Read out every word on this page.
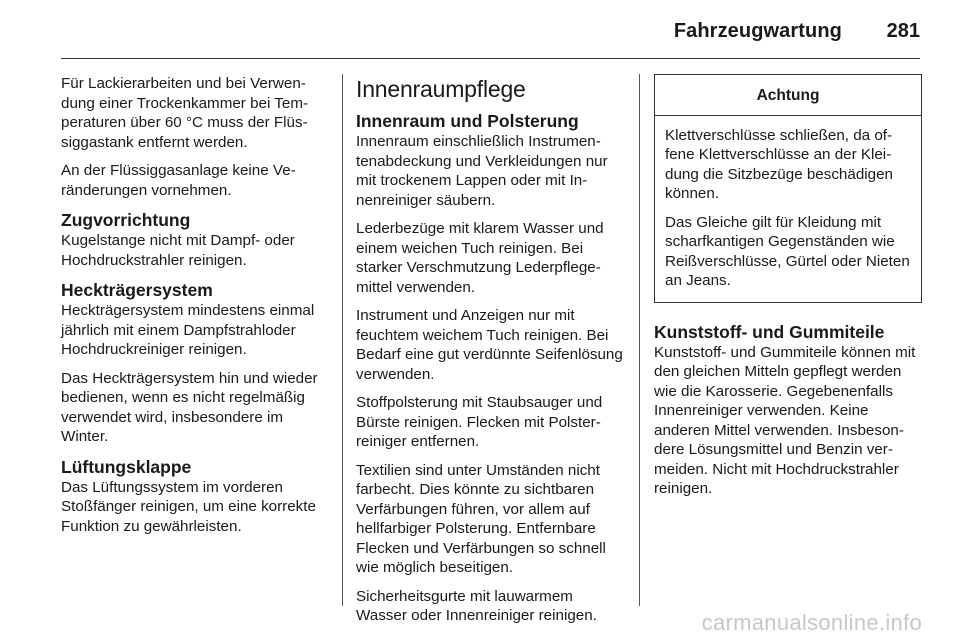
Fahrzeugwartung 281

Für Lackierarbeiten und bei Verwendung einer Trockenkammer bei Temperaturen über 60 °C muss der Flüssiggastank entfernt werden.

An der Flüssiggasanlage keine Veränderungen vornehmen.

Zugvorrichtung

Kugelstange nicht mit Dampf- oder Hochdruckstrahler reinigen.

Heckträgersystem

Heckträgersystem mindestens einmal jährlich mit einem Dampfstrahloder Hochdruckreiniger reinigen.

Das Heckträgersystem hin und wieder bedienen, wenn es nicht regelmäßig verwendet wird, insbesondere im Winter.

Lüftungsklappe

Das Lüftungssystem im vorderen Stoßfänger reinigen, um eine korrekte Funktion zu gewährleisten.

Innenraumpflege
Innenraum und Polsterung

Innenraum einschließlich Instrumentenabdeckung und Verkleidungen nur mit trockenem Lappen oder mit Innenreiniger säubern.

Lederbezüge mit klarem Wasser und einem weichen Tuch reinigen. Bei starker Verschmutzung Lederpflegemittel verwenden.

Instrument und Anzeigen nur mit feuchtem weichem Tuch reinigen. Bei Bedarf eine gut verdünnte Seifenlösung verwenden.

Stoffpolsterung mit Staubsauger und Bürste reinigen. Flecken mit Polsterreiniger entfernen.

Textilien sind unter Umständen nicht farbecht. Dies könnte zu sichtbaren Verfärbungen führen, vor allem auf hellfarbiger Polsterung. Entfernbare Flecken und Verfärbungen so schnell wie möglich beseitigen.

Sicherheitsgurte mit lauwarmem Wasser oder Innenreiniger reinigen.

Achtung

Klettverschlüsse schließen, da offene Klettverschlüsse an der Kleidung die Sitzbezüge beschädigen können.

Das Gleiche gilt für Kleidung mit scharfkantigen Gegenständen wie Reißverschlüsse, Gürtel oder Nieten an Jeans.

Kunststoff- und Gummiteile

Kunststoff- und Gummiteile können mit den gleichen Mitteln gepflegt werden wie die Karosserie. Gegebenenfalls Innenreiniger verwenden. Keine anderen Mittel verwenden. Insbesondere Lösungsmittel und Benzin vermeiden. Nicht mit Hochdruckstrahler reinigen.

carmanualsonline.info
